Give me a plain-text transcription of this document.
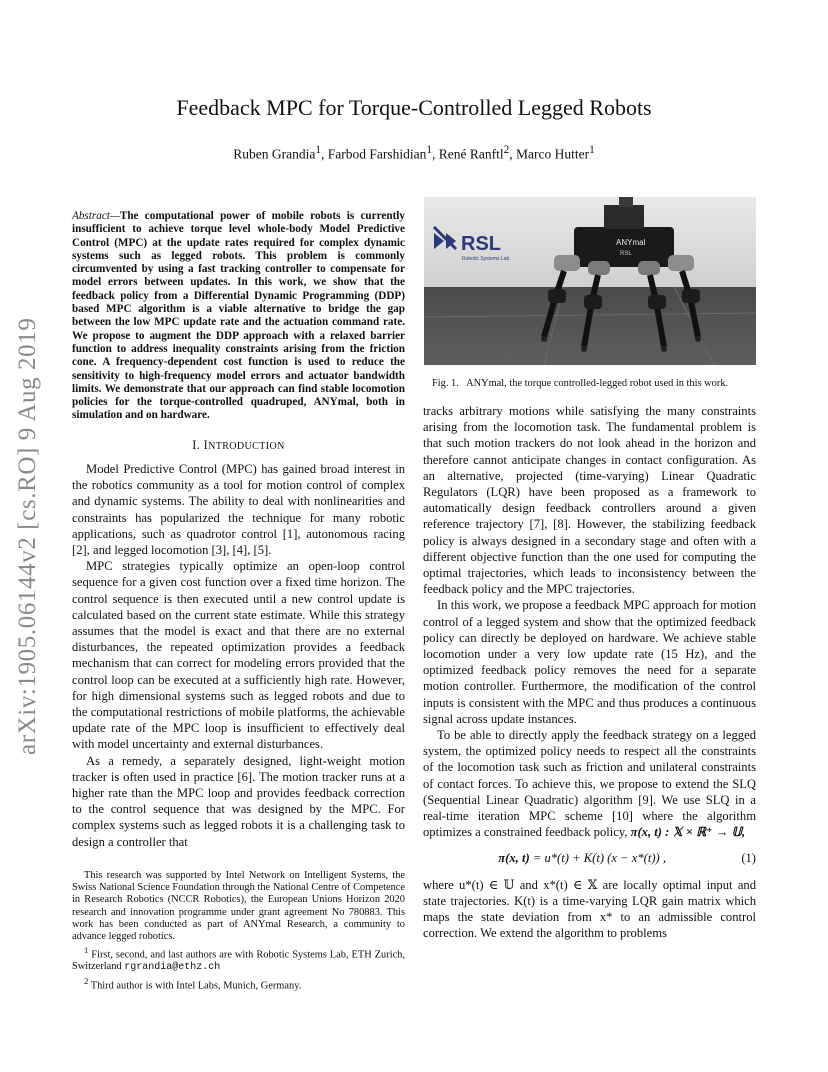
arXiv:1905.06144v2 [cs.RO] 9 Aug 2019
Feedback MPC for Torque-Controlled Legged Robots
Ruben Grandia$^1$, Farbod Farshidian$^1$, René Ranftl$^2$, Marco Hutter$^1$
Abstract—The computational power of mobile robots is currently insufficient to achieve torque level whole-body Model Predictive Control (MPC) at the update rates required for complex dynamic systems such as legged robots. This problem is commonly circumvented by using a fast tracking controller to compensate for model errors between updates. In this work, we show that the feedback policy from a Differential Dynamic Programming (DDP) based MPC algorithm is a viable alternative to bridge the gap between the low MPC update rate and the actuation command rate. We propose to augment the DDP approach with a relaxed barrier function to address inequality constraints arising from the friction cone. A frequency-dependent cost function is used to reduce the sensitivity to high-frequency model errors and actuator bandwidth limits. We demonstrate that our approach can find stable locomotion policies for the torque-controlled quadruped, ANYmal, both in simulation and on hardware.
I. INTRODUCTION

Model Predictive Control (MPC) has gained broad interest in the robotics community as a tool for motion control of complex and dynamic systems. The ability to deal with nonlinearities and constraints has popularized the technique for many robotic applications, such as quadrotor control [1], autonomous racing [2], and legged locomotion [3], [4], [5].

MPC strategies typically optimize an open-loop control sequence for a given cost function over a fixed time horizon. The control sequence is then executed until a new control update is calculated based on the current state estimate. While this strategy assumes that the model is exact and that there are no external disturbances, the repeated optimization provides a feedback mechanism that can correct for modeling errors provided that the control loop can be executed at a sufficiently high rate. However, for high dimensional systems such as legged robots and due to the computational restrictions of mobile platforms, the achievable update rate of the MPC loop is insufficient to effectively deal with model uncertainty and external disturbances.

As a remedy, a separately designed, light-weight motion tracker is often used in practice [6]. The motion tracker runs at a higher rate than the MPC loop and provides feedback correction to the control sequence that was designed by the MPC. For complex systems such as legged robots it is a challenging task to design a controller that

This research was supported by Intel Network on Intelligent Systems, the Swiss National Science Foundation through the National Centre of Competence in Research Robotics (NCCR Robotics), the European Unions Horizon 2020 research and innovation programme under grant agreement No 780883. This work has been conducted as part of ANYmal Research, a community to advance legged robotics.
$^1$ First, second, and last authors are with Robotic Systems Lab, ETH Zurich, Switzerland rgrandia@ethz.ch
$^2$ Third author is with Intel Labs, Munich, Germany.
RSL
Robotic Systems Lab
ANYmal
RSL
Fig. 1. ANYmal, the torque controlled-legged robot used in this work.

tracks arbitrary motions while satisfying the many constraints arising from the locomotion task. The fundamental problem is that such motion trackers do not look ahead in the horizon and therefore cannot anticipate changes in contact configuration. As an alternative, projected (time-varying) Linear Quadratic Regulators (LQR) have been proposed as a framework to automatically design feedback controllers around a given reference trajectory [7], [8]. However, the stabilizing feedback policy is always designed in a secondary stage and often with a different objective function than the one used for computing the optimal trajectories, which leads to inconsistency between the feedback policy and the MPC trajectories.

In this work, we propose a feedback MPC approach for motion control of a legged system and show that the optimized feedback policy can directly be deployed on hardware. We achieve stable locomotion under a very low update rate (15 Hz), and the optimized feedback policy removes the need for a separate motion controller. Furthermore, the modification of the control inputs is consistent with the MPC and thus produces a continuous signal across update instances.

To be able to directly apply the feedback strategy on a legged system, the optimized policy needs to respect all the constraints of the locomotion task such as friction and unilateral constraints of contact forces. To achieve this, we propose to extend the SLQ (Sequential Linear Quadratic) algorithm [9]. We use SLQ in a real-time iteration MPC scheme [10] where the algorithm optimizes a constrained feedback policy, π(x, t) : 𝕏 × ℝ⁺ → 𝕌,

π(x, t) = u*(t) + K(t) (x − x*(t)) ,	(1)

where u*(t) ∈ 𝕌 and x*(t) ∈ 𝕏 are locally optimal input and state trajectories. K(t) is a time-varying LQR gain matrix which maps the state deviation from x* to an admissible control correction. We extend the algorithm to problems
